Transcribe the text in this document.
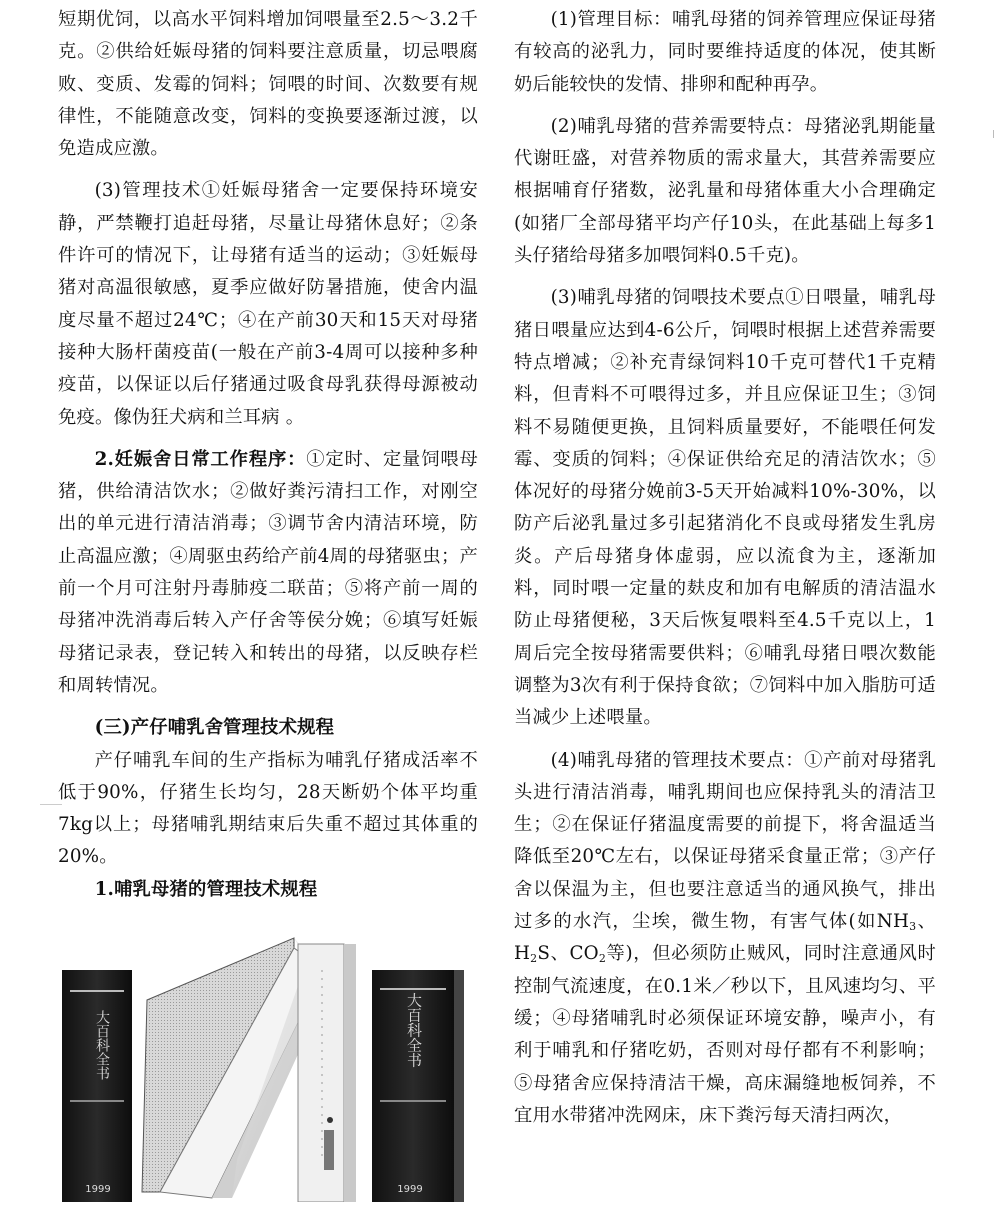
短期优饲，以高水平饲料增加饲喂量至2.5～3.2千克。②供给妊娠母猪的饲料要注意质量，切忌喂腐败、变质、发霉的饲料；饲喂的时间、次数要有规律性，不能随意改变，饲料的变换要逐渐过渡，以免造成应激。

(3)管理技术①妊娠母猪舍一定要保持环境安静，严禁鞭打追赶母猪，尽量让母猪休息好；②条件许可的情况下，让母猪有适当的运动；③妊娠母猪对高温很敏感，夏季应做好防暑措施，使舍内温度尽量不超过24℃；④在产前30天和15天对母猪接种大肠杆菌疫苗(一般在产前3-4周可以接种多种疫苗，以保证以后仔猪通过吸食母乳获得母源被动免疫。像伪狂犬病和兰耳病 。

2.妊娠舍日常工作程序：①定时、定量饲喂母猪，供给清洁饮水；②做好粪污清扫工作，对刚空出的单元进行清洁消毒；③调节舍内清洁环境，防止高温应激；④周驱虫药给产前4周的母猪驱虫；产前一个月可注射丹毒肺疫二联苗；⑤将产前一周的母猪冲洗消毒后转入产仔舍等侯分娩；⑥填写妊娠母猪记录表，登记转入和转出的母猪，以反映存栏和周转情况。

(三)产仔哺乳舍管理技术规程

产仔哺乳车间的生产指标为哺乳仔猪成活率不低于90%，仔猪生长均匀，28天断奶个体平均重7kg以上；母猪哺乳期结束后失重不超过其体重的20%。

1.哺乳母猪的管理技术规程

大百科全书
1999
大百科全书
1999

(1)管理目标：哺乳母猪的饲养管理应保证母猪有较高的泌乳力，同时要维持适度的体况，使其断奶后能较快的发情、排卵和配种再孕。

(2)哺乳母猪的营养需要特点：母猪泌乳期能量代谢旺盛，对营养物质的需求量大，其营养需要应根据哺育仔猪数，泌乳量和母猪体重大小合理确定(如猪厂全部母猪平均产仔10头，在此基础上每多1头仔猪给母猪多加喂饲料0.5千克)。

(3)哺乳母猪的饲喂技术要点①日喂量，哺乳母猪日喂量应达到4-6公斤，饲喂时根据上述营养需要特点增减；②补充青绿饲料10千克可替代1千克精料，但青料不可喂得过多，并且应保证卫生；③饲料不易随便更换，且饲料质量要好，不能喂任何发霉、变质的饲料；④保证供给充足的清洁饮水；⑤体况好的母猪分娩前3-5天开始减料10%-30%，以防产后泌乳量过多引起猪消化不良或母猪发生乳房炎。产后母猪身体虚弱，应以流食为主，逐渐加料，同时喂一定量的麸皮和加有电解质的清洁温水防止母猪便秘，3天后恢复喂料至4.5千克以上，1周后完全按母猪需要供料；⑥哺乳母猪日喂次数能调整为3次有利于保持食欲；⑦饲料中加入脂肪可适当减少上述喂量。

(4)哺乳母猪的管理技术要点：①产前对母猪乳头进行清洁消毒，哺乳期间也应保持乳头的清洁卫生；②在保证仔猪温度需要的前提下，将舍温适当降低至20℃左右，以保证母猪采食量正常；③产仔舍以保温为主，但也要注意适当的通风换气，排出过多的水汽，尘埃，微生物，有害气体(如$NH_3$、$H_2S$、$CO_2$等)，但必须防止贼风，同时注意通风时控制气流速度，在0.1米／秒以下，且风速均匀、平缓；④母猪哺乳时必须保证环境安静，噪声小，有利于哺乳和仔猪吃奶，否则对母仔都有不利影响；⑤母猪舍应保持清洁干燥，高床漏缝地板饲养，不宜用水带猪冲洗网床，床下粪污每天清扫两次，
